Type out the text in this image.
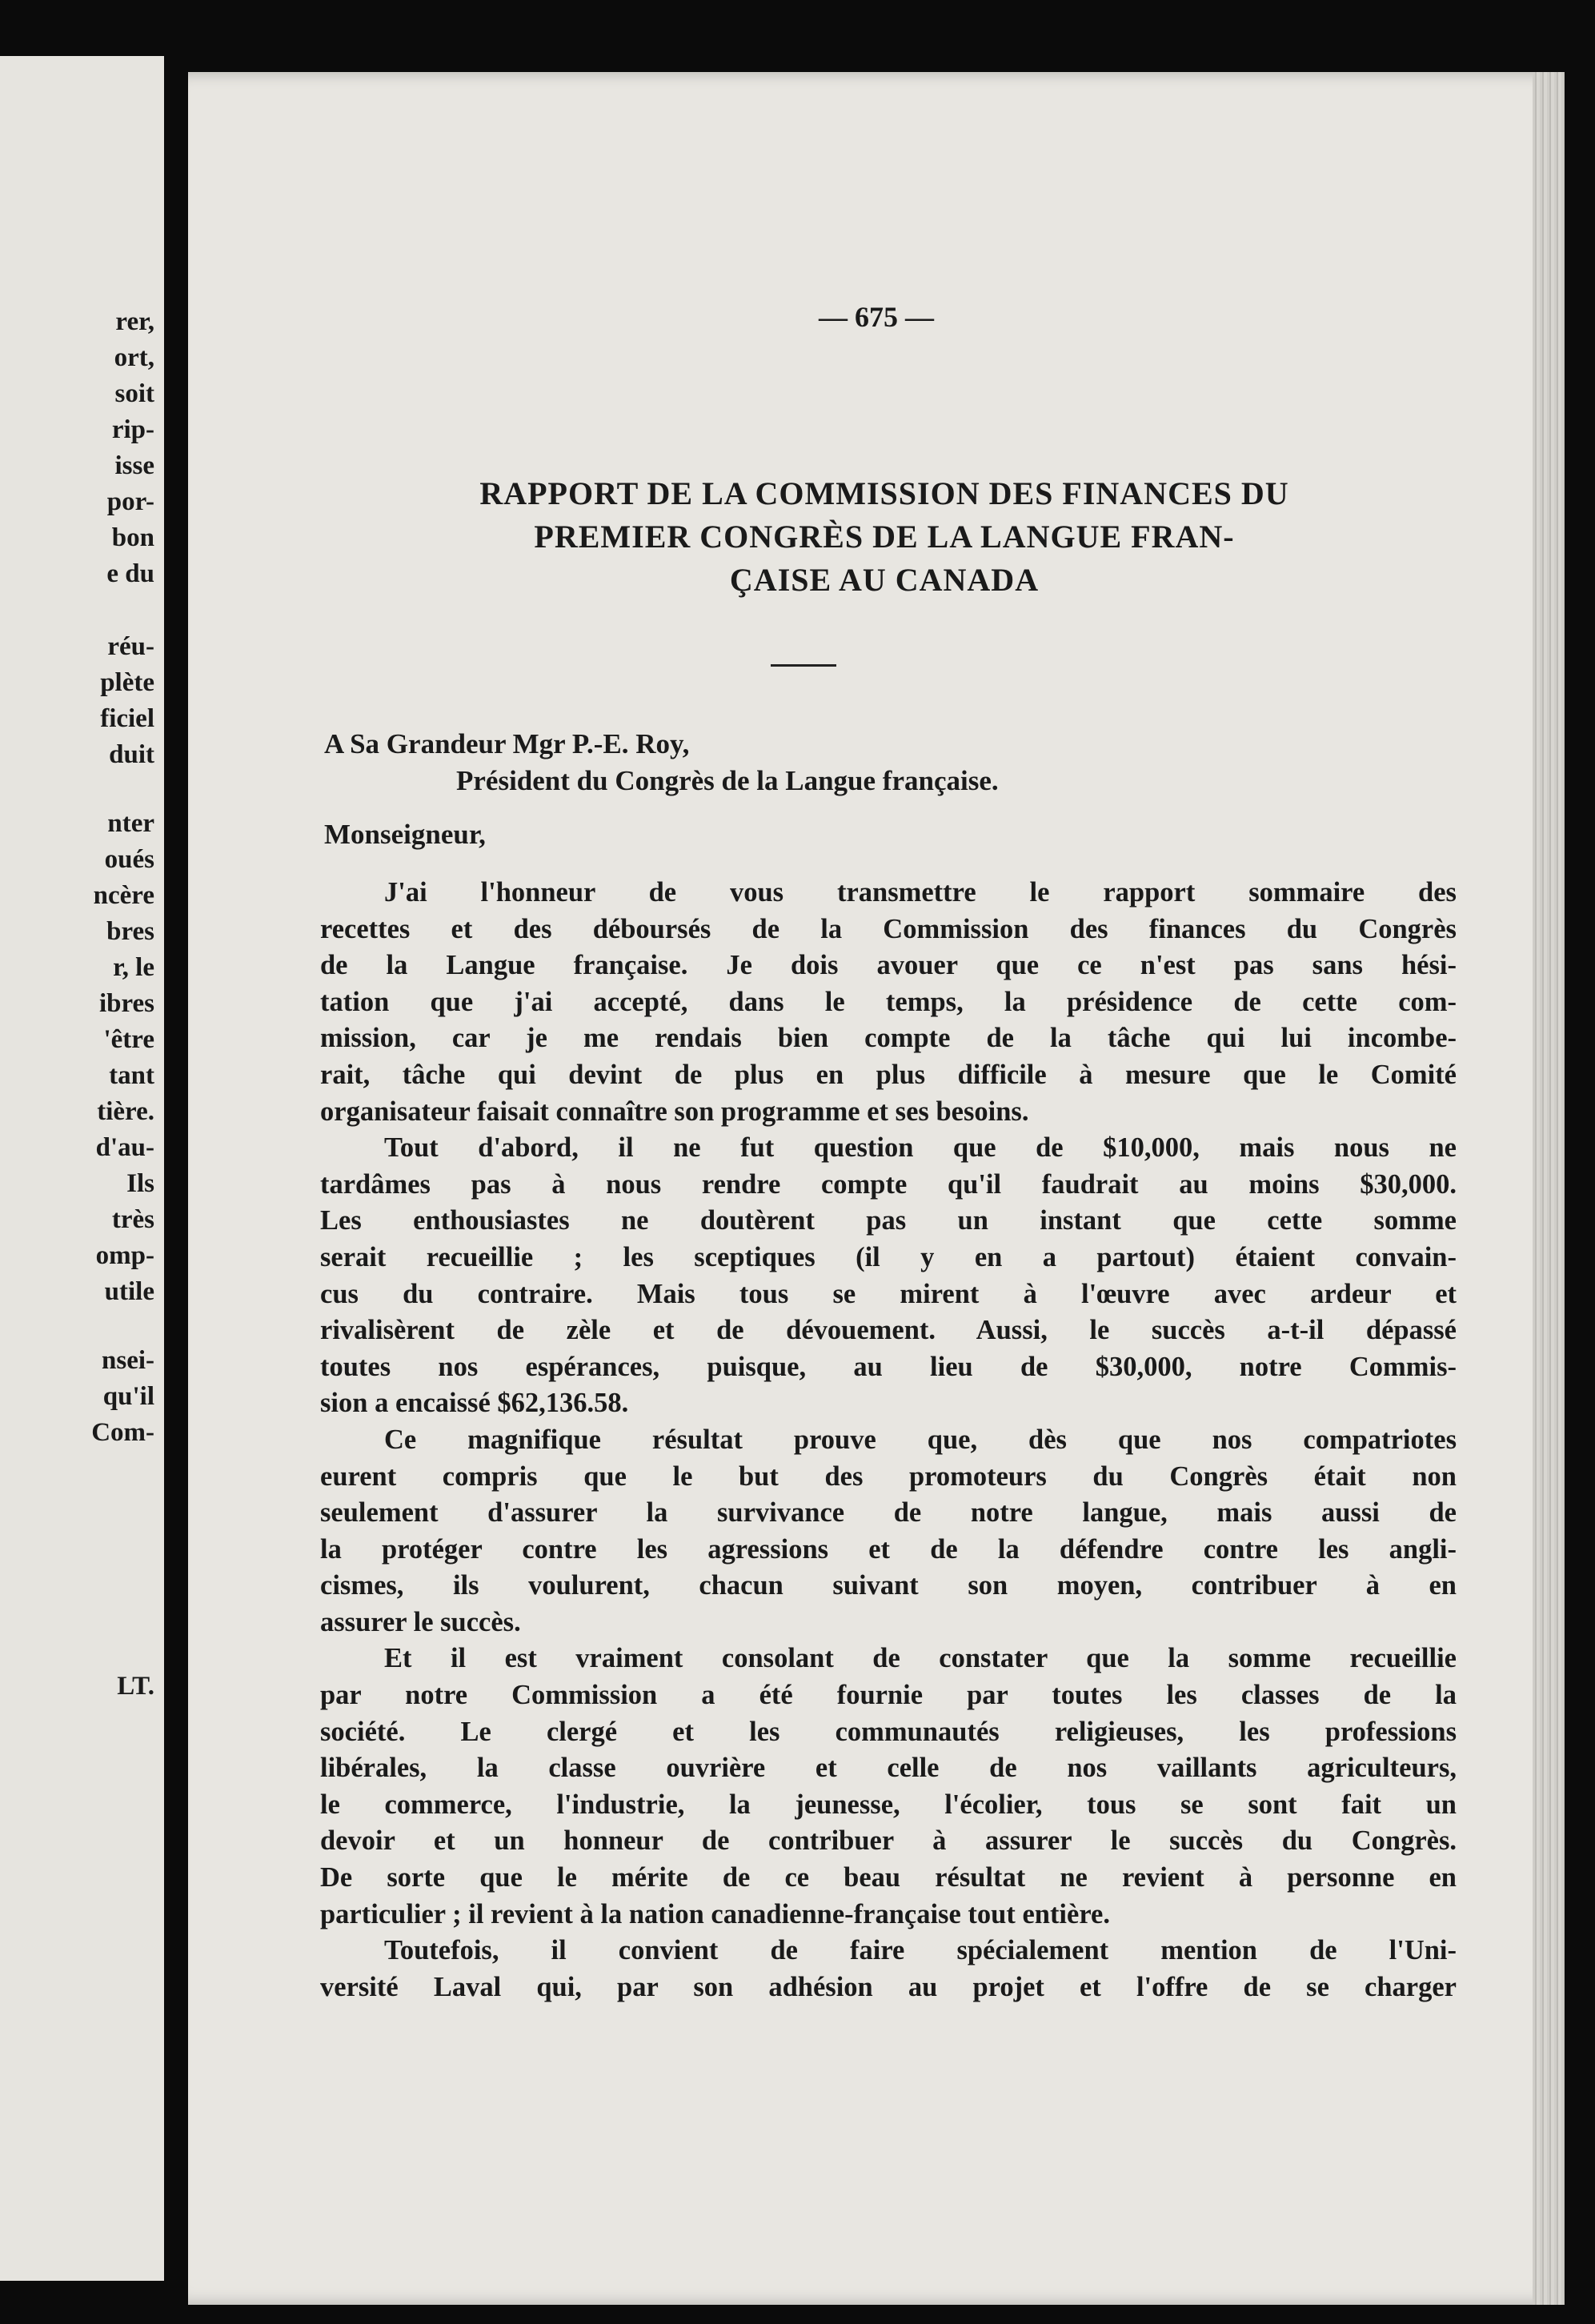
rer,
ort,
soit
rip-
isse
por-
bon
e du
réu-
plète
ficiel
duit
nter
oués
ncère
bres
r, le
ibres
'être
tant
tière.
d'au-
Ils
très
omp-
utile
nsei-
qu'il
Com-
LT.
— 675 —
RAPPORT DE LA COMMISSION DES FINANCES DU
PREMIER CONGRÈS DE LA LANGUE FRAN-
ÇAISE AU CANADA
A Sa Grandeur Mgr P.-E. Roy,
Président du Congrès de la Langue française.
Monseigneur,
J'ai l'honneur de vous transmettre le rapport sommaire des
recettes et des déboursés de la Commission des finances du Congrès
de la Langue française. Je dois avouer que ce n'est pas sans hési-
tation que j'ai accepté, dans le temps, la présidence de cette com-
mission, car je me rendais bien compte de la tâche qui lui incombe-
rait, tâche qui devint de plus en plus difficile à mesure que le Comité
organisateur faisait connaître son programme et ses besoins.
Tout d'abord, il ne fut question que de $10,000, mais nous ne
tardâmes pas à nous rendre compte qu'il faudrait au moins $30,000.
Les enthousiastes ne doutèrent pas un instant que cette somme
serait recueillie ; les sceptiques (il y en a partout) étaient convain-
cus du contraire. Mais tous se mirent à l'œuvre avec ardeur et
rivalisèrent de zèle et de dévouement. Aussi, le succès a-t-il dépassé
toutes nos espérances, puisque, au lieu de $30,000, notre Commis-
sion a encaissé $62,136.58.
Ce magnifique résultat prouve que, dès que nos compatriotes
eurent compris que le but des promoteurs du Congrès était non
seulement d'assurer la survivance de notre langue, mais aussi de
la protéger contre les agressions et de la défendre contre les angli-
cismes, ils voulurent, chacun suivant son moyen, contribuer à en
assurer le succès.
Et il est vraiment consolant de constater que la somme recueillie
par notre Commission a été fournie par toutes les classes de la
société. Le clergé et les communautés religieuses, les professions
libérales, la classe ouvrière et celle de nos vaillants agriculteurs,
le commerce, l'industrie, la jeunesse, l'écolier, tous se sont fait un
devoir et un honneur de contribuer à assurer le succès du Congrès.
De sorte que le mérite de ce beau résultat ne revient à personne en
particulier ; il revient à la nation canadienne-française tout entière.
Toutefois, il convient de faire spécialement mention de l'Uni-
versité Laval qui, par son adhésion au projet et l'offre de se charger
